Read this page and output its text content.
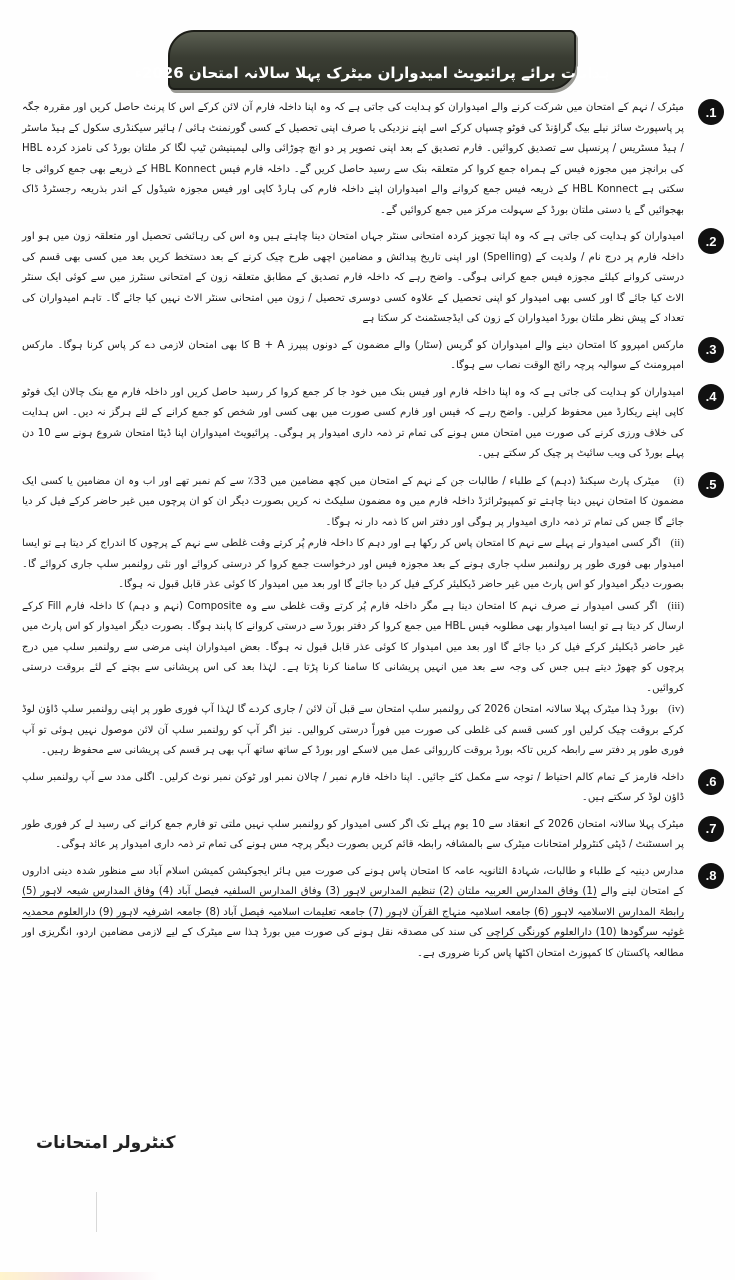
ہدایات برائے پرائیویٹ امیدواران میٹرک پہلا سالانہ امتحان 2026ء
1.
میٹرک / نہم کے امتحان میں شرکت کرنے والے امیدواران کو ہدایت کی جاتی ہے کہ وہ اپنا داخلہ فارم آن لائن کرکے اس کا پرنٹ حاصل کریں اور مقررہ جگہ پر پاسپورٹ سائز نیلے بیک گراؤنڈ کی فوٹو چسپاں کرکے اسے اپنے نزدیکی یا صرف اپنی تحصیل کے کسی گورنمنٹ ہائی / ہائیر سیکنڈری سکول کے ہیڈ ماسٹر / ہیڈ مسٹریس / پرنسپل سے تصدیق کروائیں۔ فارم تصدیق کے بعد اپنی تصویر پر دو انچ چوڑائی والی لیمینیشن ٹیپ لگا کر ملتان بورڈ کی نامزد کردہ HBL کی برانچز میں مجوزہ فیس کے ہمراہ جمع کروا کر متعلقہ بنک سے رسید حاصل کریں گے۔ داخلہ فارم فیس HBL Konnect کے ذریعے بھی جمع کروائی جا سکتی ہے HBL Konnect کے ذریعہ فیس جمع کروانے والے امیدواران اپنے داخلہ فارم کی ہارڈ کاپی اور فیس مجوزہ شیڈول کے اندر بذریعہ رجسٹرڈ ڈاک بھجوائیں گے یا دستی ملتان بورڈ کے سہولت مرکز میں جمع کروائیں گے۔
2.
امیدواران کو ہدایت کی جاتی ہے کہ وہ اپنا تجویز کردہ امتحانی سنٹر جہاں امتحان دینا چاہتے ہیں وہ اس کی رہائشی تحصیل اور متعلقہ زون میں ہو اور داخلہ فارم پر درج نام / ولدیت کے (Spelling) اور اپنی تاریخ پیدائش و مضامین اچھی طرح چیک کرنے کے بعد دستخط کریں بعد میں کسی بھی قسم کی درستی کروانے کیلئے مجوزہ فیس جمع کرانی ہوگی۔ واضح رہے کہ داخلہ فارم تصدیق کے مطابق متعلقہ زون کے امتحانی سنٹرز میں سے کوئی ایک سنٹر الاٹ کیا جائے گا اور کسی بھی امیدوار کو اپنی تحصیل کے علاوہ کسی دوسری تحصیل / زون میں امتحانی سنٹر الاٹ نہیں کیا جائے گا۔ تاہم امیدواران کی تعداد کے پیش نظر ملتان بورڈ امیدواران کے زون کی ایڈجسٹمنٹ کر سکتا ہے
3.
مارکس امپروو کا امتحان دینے والے امیدواران کو گریس (سٹار) والے مضمون کے دونوں پیپرز B + A کا بھی امتحان لازمی دے کر پاس کرنا ہوگا۔ مارکس امپرومنٹ کے سوالیہ پرچہ رائج الوقت نصاب سے ہوگا۔
4.
امیدواران کو ہدایت کی جاتی ہے کہ وہ اپنا داخلہ فارم اور فیس بنک میں خود جا کر جمع کروا کر رسید حاصل کریں اور داخلہ فارم مع بنک چالان ایک فوٹو کاپی اپنے ریکارڈ میں محفوظ کرلیں۔ واضح رہے کہ فیس اور فارم کسی صورت میں بھی کسی اور شخص کو جمع کرانے کے لئے ہرگز نہ دیں۔ اس ہدایت کی خلاف ورزی کرنے کی صورت میں امتحان مس ہونے کی تمام تر ذمہ داری امیدوار پر ہوگی۔ پرائیویٹ امیدواران اپنا ڈیٹا امتحان شروع ہونے سے 10 دن پہلے بورڈ کی ویب سائیٹ پر چیک کر سکتے ہیں۔
5.
(i)میٹرک پارٹ سیکنڈ (دہم) کے طلباء / طالبات جن کے نہم کے امتحان میں کچھ مضامین میں 33٪ سے کم نمبر تھے اور اب وہ ان مضامین یا کسی ایک مضمون کا امتحان نہیں دینا چاہتے تو کمپیوٹرائزڈ داخلہ فارم میں وہ مضمون سلیکٹ نہ کریں بصورت دیگر ان کو ان پرچوں میں غیر حاضر کرکے فیل کر دیا جائے گا جس کی تمام تر ذمہ داری امیدوار پر ہوگی اور دفتر اس کا ذمہ دار نہ ہوگا۔
(ii)اگر کسی امیدوار نے پہلے سے نہم کا امتحان پاس کر رکھا ہے اور دہم کا داخلہ فارم پُر کرتے وقت غلطی سے نہم کے پرچوں کا اندراج کر دیتا ہے تو ایسا امیدوار بھی فوری طور پر رولنمبر سلپ جاری ہونے کے بعد مجوزہ فیس اور درخواست جمع کروا کر درستی کروائے اور نئی رولنمبر سلپ جاری کروائے گا۔ بصورت دیگر امیدوار کو اس پارٹ میں غیر حاضر ڈیکلیئر کرکے فیل کر دیا جائے گا اور بعد میں امیدوار کا کوئی عذر قابل قبول نہ ہوگا۔
(iii)اگر کسی امیدوار نے صرف نہم کا امتحان دینا ہے مگر داخلہ فارم پُر کرتے وقت غلطی سے وہ Composite (نہم و دہم) کا داخلہ فارم Fill کرکے ارسال کر دیتا ہے تو ایسا امیدوار بھی مطلوبہ فیس HBL میں جمع کروا کر دفتر بورڈ سے درستی کروانے کا پابند ہوگا۔ بصورت دیگر امیدوار کو اس پارٹ میں غیر حاضر ڈیکلیئر کرکے فیل کر دیا جائے گا اور بعد میں امیدوار کا کوئی عذر قابل قبول نہ ہوگا۔ بعض امیدواران اپنی مرضی سے رولنمبر سلپ میں درج پرچوں کو چھوڑ دیتے ہیں جس کی وجہ سے بعد میں انہیں پریشانی کا سامنا کرنا پڑتا ہے۔ لہٰذا بعد کی اس پریشانی سے بچنے کے لئے بروقت درستی کروائیں۔
(iv)بورڈ ہٰذا میٹرک پہلا سالانہ امتحان 2026 کی رولنمبر سلپ امتحان سے قبل آن لائن / جاری کردے گا لہٰذا آپ فوری طور پر اپنی رولنمبر سلپ ڈاؤن لوڈ کرکے بروقت چیک کرلیں اور کسی قسم کی غلطی کی صورت میں فوراً درستی کروالیں۔ نیز اگر آپ کو رولنمبر سلپ آن لائن موصول نہیں ہوئی تو آپ فوری طور پر دفتر سے رابطہ کریں تاکہ بورڈ بروقت کارروائی عمل میں لاسکے اور بورڈ کے ساتھ ساتھ آپ بھی ہر قسم کی پریشانی سے محفوظ رہیں۔
6.
داخلہ فارمز کے تمام کالم احتیاط / توجہ سے مکمل کئے جائیں۔ اپنا داخلہ فارم نمبر / چالان نمبر اور ٹوکن نمبر نوٹ کرلیں۔ اگلی مدد سے آپ رولنمبر سلپ ڈاؤن لوڈ کر سکتے ہیں۔
7.
میٹرک پہلا سالانہ امتحان 2026 کے انعقاد سے 10 یوم پہلے تک اگر کسی امیدوار کو رولنمبر سلپ نہیں ملتی تو فارم جمع کرانے کی رسید لے کر فوری طور پر اسسٹنٹ / ڈپٹی کنٹرولر امتحانات میٹرک سے بالمشافہ رابطہ قائم کریں بصورت دیگر پرچہ مس ہونے کی تمام تر ذمہ داری امیدوار پر عائد ہوگی۔
8.
مدارس دینیہ کے طلباء و طالبات، شہادۃ الثانویہ عامہ کا امتحان پاس ہونے کی صورت میں ہائر ایجوکیشن کمیشن اسلام آباد سے منظور شدہ دینی اداروں کے امتحان لینے والے (1) وفاق المدارس العربیہ ملتان (2) تنظیم المدارس لاہور (3) وفاق المدارس السلفیہ فیصل آباد (4) وفاق المدارس شیعہ لاہور (5) رابطۃ المدارس الاسلامیہ لاہور (6) جامعہ اسلامیہ منہاج القرآن لاہور (7) جامعہ تعلیمات اسلامیہ فیصل آباد (8) جامعہ اشرفیہ لاہور (9) دارالعلوم محمدیہ غوثیہ سرگودھا (10) دارالعلوم کورنگی کراچی کی سند کی مصدقہ نقل ہونے کی صورت میں بورڈ ہٰذا سے میٹرک کے لیے لازمی مضامین اردو، انگریزی اور مطالعہ پاکستان کا کمپوزٹ امتحان اکٹھا پاس کرنا ضروری ہے۔
کنٹرولر امتحانات
